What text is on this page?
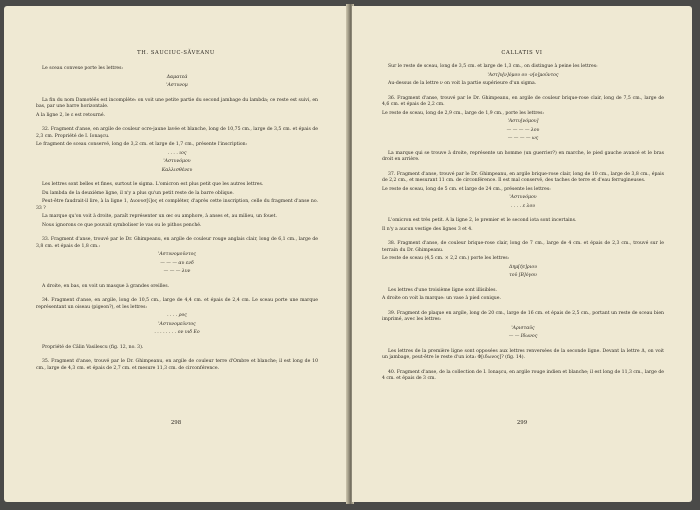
TH. SAUCIUC-SĂVEANU

Le sceau convexe porte les lettres:

Δαματεά
'Αστυνομ

La fin du nom Damotéês est incomplète: on voit une petite partie du second jambage du lambda; ce reste est suivi, en bas, par une barre horizontale.

A la ligne 2, le ε est retourné.

32. Fragment d'anse, en argile de couleur ocre-jaune lavée et blanche, long de 10,75 cm., large de 3,5 cm. et épais de 2,3 cm. Propriété de I. Ionaşcu.

Le fragment de sceau conservé, long de 3,2 cm. et large de 1,7 cm., présente l'inscription:

. . . . ιος
'Αστυνόμου
Καλλισθένευ

Les lettres sont belles et fines, surtout le sigma. L'omicron est plus petit que les autres lettres.

Du lambda de la deuxième ligne, il n'y a plus qu'un petit reste de la barre oblique.

Peut-être faudrait-il lire, à la ligne 1, Διονυσ[ί]ος et compléter, d'après cette inscription, celle du fragment d'anse no. 33 ?

La marque qu'on voit à droite, paraît représenter un œc ou amphore, à anses et, au milieu, un fouet.

Nous ignorons ce que pouvait symboliser le vas ou le pithos penché.

33. Fragment d'anse, trouvé par le Dr. Ghimpeanu, en argile de couleur rouge anglais clair, long de 6,1 cm., large de 3,8 cm. et épais de 1,8 cm.:

'Αστυνομοῦντος
— — — αυ ενδ
— — — λυν

A droite, en bas, on voit un masque à grandes oreilles.

34. Fragment d'anse, en argile, long de 10,5 cm., large de 4,4 cm. et épais de 2,4 cm. Le sceau porte une marque représentant un oiseau (pigeon?), et les lettres:

. . . . ρος
'Αστυνομεῦντος
. . . . . . . . ον υιδ Εο

Propriété de Câlin Vasilescu (fig. 12, no. 3).

35. Fragment d'anse, trouvé par le Dr. Ghimpeanu, en argile de couleur terre d'Ombre et blanche; il est long de 10 cm., large de 4,3 cm. et épais de 2,7 cm. et mesure 11,3 cm. de circonférence.

298
CALLATIS VI

Sur le reste de sceau, long de 3,5 cm. et large de 1,3 cm., on distingue à peine les lettres:

'Αστ]υ[ν]όμου ου -ν[ο]μοῦντος

Au-dessus de la lettre ν on voit la partie supérieure d'un sigma.

36. Fragment d'anse, trouvé par le Dr. Ghimpeanu, en argile de couleur brique-rose clair, long de 7,5 cm., large de 4,6 cm. et épais de 2,2 cm.

Le reste de sceau, long de 2,9 cm., large de 1,9 cm., porte les lettres:

'Αστυ[νόμου]
— — — — λου
— — — — ως

La marque qui se trouve à droite, représente un homme (un guerrier?) en marche, le pied gauche avancé et le bras droit en arrière.

37. Fragment d'anse, trouvé par le Dr. Ghimpeanu, en argile brique-rose clair, long de 10 cm., large de 3,8 cm., épais de 2,2 cm., et mesurant 11 cm. de circonférence. Il est mal conservé, des taches de terre et d'eau ferrugineuses.

Le reste de sceau, long de 5 cm. et large de 24 cm., présente les lettres:

'Αστυνόμου
. . . . ε λου

L'omicron est très petit. A la ligne 2, le premier et le second iota sont incertains.

Il n'y a aucun vestige des lignes 3 et 4.

38. Fragment d'anse, de couleur brique-rose clair, long de 7 cm., large de 4 cm. et épais de 2,3 cm., trouvé sur le terrain du Dr. Ghimpeanu.

Le reste de sceau (4,5 cm. × 2,2 cm.) porte les lettres:

Δημ[ήτ]ριου
τοῦ [Β]όγου

Les lettres d'une troisième ligne sont illisibles.

A droite on voit la marque: un vase à pied conique.

39. Fragment de plaque en argile, long de 20 cm., large de 16 cm. et épais de 2,5 cm., portant un reste de sceau bien imprimé, avec les lettres:

'Αρισταῦς
— — Ιδωνος

Les lettres de la première ligne sont opposées aux lettres renversées de la seconde ligne. Devant la lettre Δ, on voit un jambage, peut-être le reste d'un iota: Φ[ιδωνος]? (fig. 14).

40. Fragment d'anse, de la collection de I. Ionaşcu, en argile rouge indien et blanche; il est long de 11,3 cm., large de 4 cm. et épais de 3 cm.

299
